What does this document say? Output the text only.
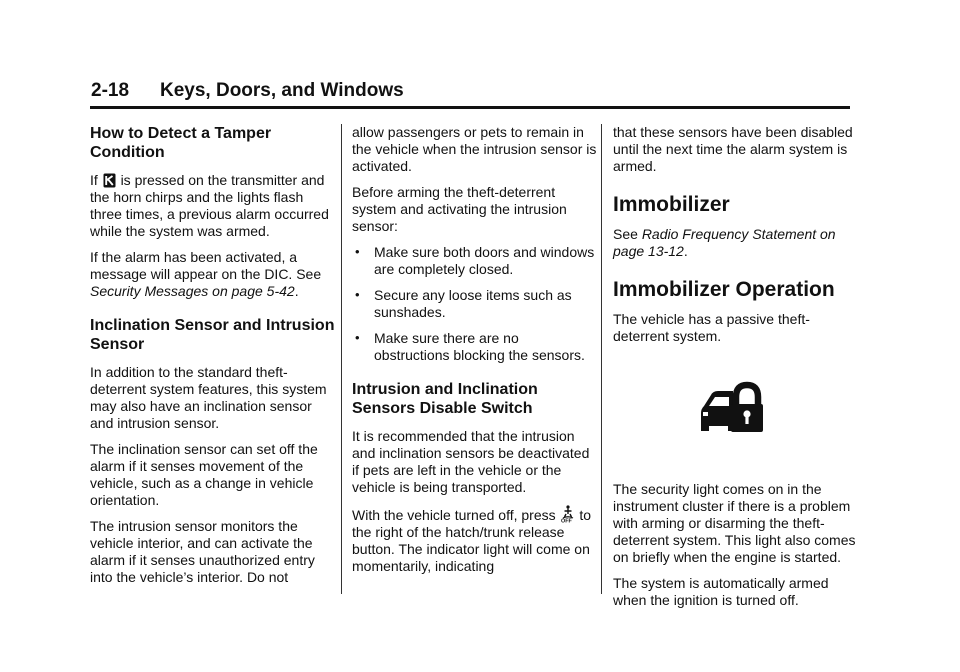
2-18 Keys, Doors, and Windows
How to Detect a Tamper Condition

If is pressed on the transmitter and the horn chirps and the lights flash three times, a previous alarm occurred while the system was armed.

If the alarm has been activated, a message will appear on the DIC. See Security Messages on page 5-42.

Inclination Sensor and Intrusion Sensor

In addition to the standard theft-deterrent system features, this system may also have an inclination sensor and intrusion sensor.

The inclination sensor can set off the alarm if it senses movement of the vehicle, such as a change in vehicle orientation.

The intrusion sensor monitors the vehicle interior, and can activate the alarm if it senses unauthorized entry into the vehicle’s interior. Do not

allow passengers or pets to remain in the vehicle when the intrusion sensor is activated.

Before arming the theft-deterrent system and activating the intrusion sensor:

• Make sure both doors and windows are completely closed.
• Secure any loose items such as sunshades.
• Make sure there are no obstructions blocking the sensors.
Intrusion and Inclination Sensors Disable Switch

It is recommended that the intrusion and inclination sensors be deactivated if pets are left in the vehicle or the vehicle is being transported.

With the vehicle turned off, press OFF to the right of the hatch/trunk release button. The indicator light will come on momentarily, indicating

that these sensors have been disabled until the next time the alarm system is armed.

Immobilizer

See Radio Frequency Statement on page 13-12.

Immobilizer Operation

The vehicle has a passive theft-deterrent system.

The security light comes on in the instrument cluster if there is a problem with arming or disarming the theft-deterrent system. This light also comes on briefly when the engine is started.

The system is automatically armed when the ignition is turned off.
